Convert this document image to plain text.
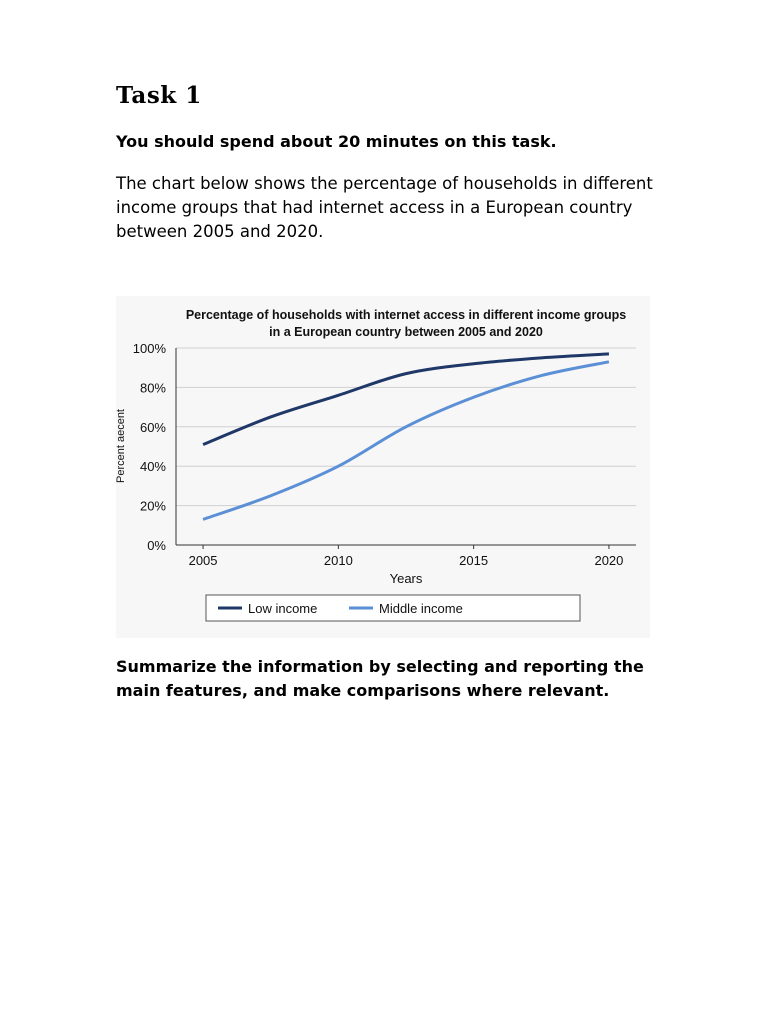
Task 1
You should spend about 20 minutes on this task.
The chart below shows the percentage of households in different income groups that had internet access in a European country between 2005 and 2020.
Percentage of households with internet access in different income groups
in a European country between 2005 and 2020
0%
20%
40%
60%
80%
100%
2005	2010	2015	2020
Years
Percent aecent
Low income	Middle income
Summarize the information by selecting and reporting the main features, and make comparisons where relevant.
